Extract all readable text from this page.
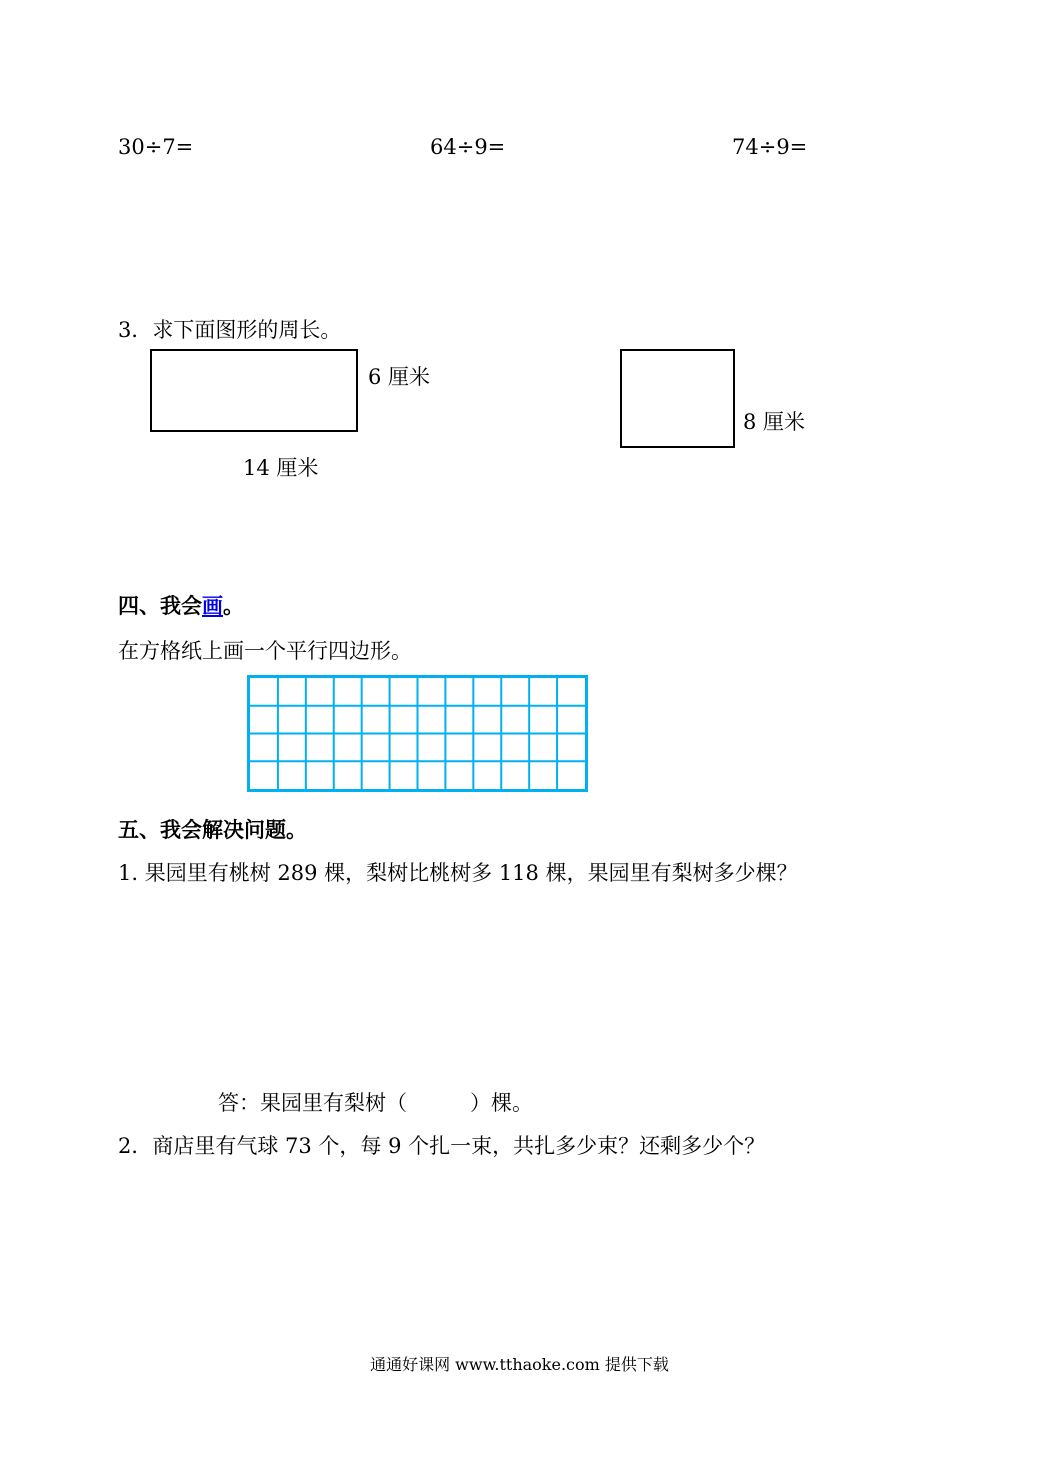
30÷7=	64÷9=	74÷9=
3．求下面图形的周长。
6 厘米
14 厘米
8 厘米
四、我会画。
在方格纸上画一个平行四边形。
五、我会解决问题。
1. 果园里有桃树 289 棵，梨树比桃树多 118 棵，果园里有梨树多少棵？
答：果园里有梨树（　　　）棵。
2．商店里有气球 73 个，每 9 个扎一束，共扎多少束？还剩多少个？
通通好课网 www.tthaoke.com 提供下载
